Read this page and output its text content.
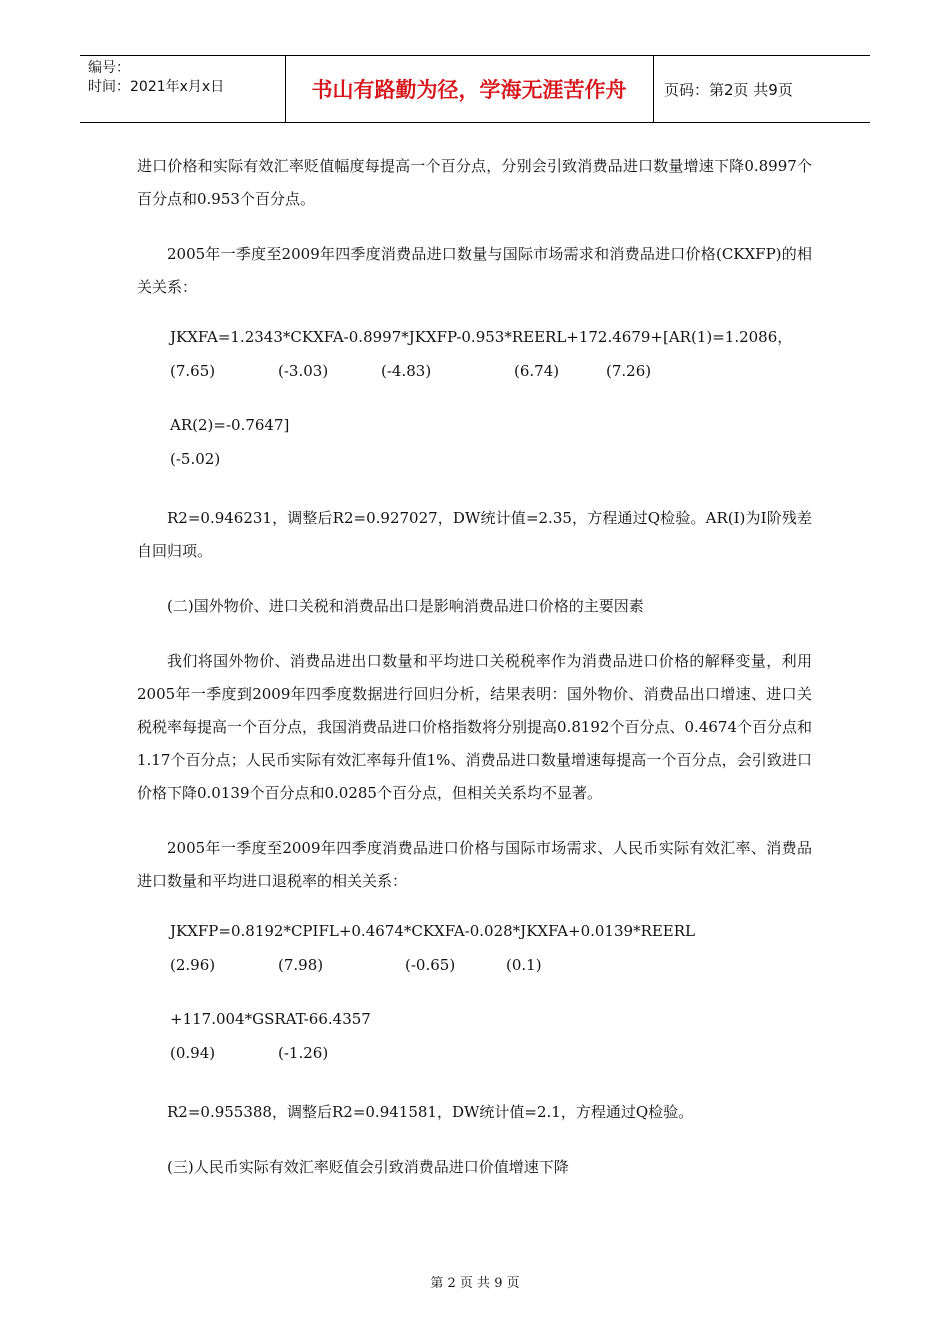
编号：
时间：2021年x月x日	书山有路勤为径，学海无涯苦作舟	页码：第2页 共9页

进口价格和实际有效汇率贬值幅度每提高一个百分点，分别会引致消费品进口数量增速下降0.8997个百分点和0.953个百分点。

2005年一季度至2009年四季度消费品进口数量与国际市场需求和消费品进口价格(CKXFP)的相关关系：

JKXFA=1.2343*CKXFA-0.8997*JKXFP-0.953*REERL+172.4679+[AR(1)=1.2086，
(7.65)	(-3.03)	(-4.83)	(6.74)	(7.26)
AR(2)=-0.7647]
(-5.02)

R2=0.946231，调整后R2=0.927027，DW统计值=2.35，方程通过Q检验。AR(I)为I阶残差自回归项。

(二)国外物价、进口关税和消费品出口是影响消费品进口价格的主要因素

我们将国外物价、消费品进出口数量和平均进口关税税率作为消费品进口价格的解释变量，利用2005年一季度到2009年四季度数据进行回归分析，结果表明：国外物价、消费品出口增速、进口关税税率每提高一个百分点，我国消费品进口价格指数将分别提高0.8192个百分点、0.4674个百分点和1.17个百分点；人民币实际有效汇率每升值1%、消费品进口数量增速每提高一个百分点，会引致进口价格下降0.0139个百分点和0.0285个百分点，但相关关系均不显著。

2005年一季度至2009年四季度消费品进口价格与国际市场需求、人民币实际有效汇率、消费品进口数量和平均进口退税率的相关关系：

JKXFP=0.8192*CPIFL+0.4674*CKXFA-0.028*JKXFA+0.0139*REERL
(2.96)	(7.98)	(-0.65)	(0.1)
+117.004*GSRAT-66.4357
(0.94)	(-1.26)

R2=0.955388，调整后R2=0.941581，DW统计值=2.1，方程通过Q检验。

(三)人民币实际有效汇率贬值会引致消费品进口价值增速下降

第 2 页 共 9 页
